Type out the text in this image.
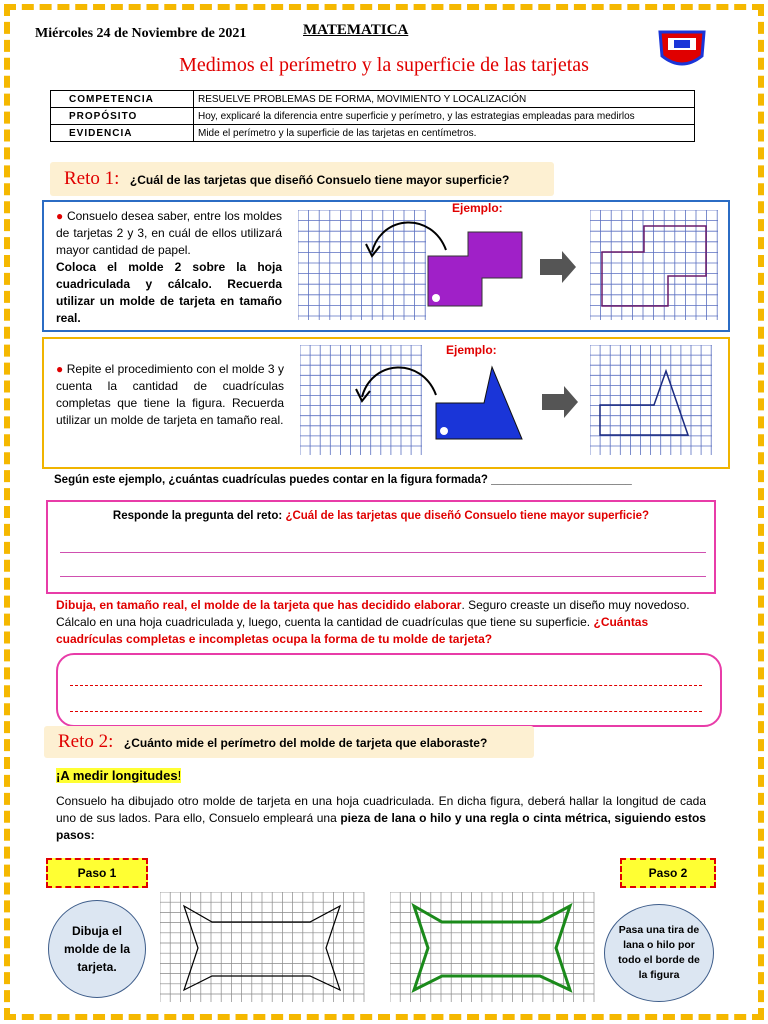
Miércoles 24 de Noviembre de 2021	MATEMATICA
Medimos el perímetro y la superficie de las tarjetas
COMPETENCIA	RESUELVE PROBLEMAS DE FORMA, MOVIMIENTO Y LOCALIZACIÓN
PROPÓSITO	Hoy, explicaré la diferencia entre superficie y perímetro, y las estrategias empleadas para medirlos
EVIDENCIA	Mide el perímetro y la superficie de las tarjetas en centímetros.
Reto 1: ¿Cuál de las tarjetas que diseñó Consuelo tiene mayor superficie?
● Consuelo desea saber, entre los moldes de tarjetas 2 y 3, en cuál de ellos utilizará mayor cantidad de papel.
Coloca el molde 2 sobre la hoja cuadriculada y cálcalo. Recuerda utilizar un molde de tarjeta en tamaño real.
Ejemplo:
● Repite el procedimiento con el molde 3 y cuenta la cantidad de cuadrículas completas que tiene la figura. Recuerda utilizar un molde de tarjeta en tamaño real.
Ejemplo:
Según este ejemplo, ¿cuántas cuadrículas puedes contar en la figura formada? ______________________
Responde la pregunta del reto: ¿Cuál de las tarjetas que diseñó Consuelo tiene mayor superficie?
Dibuja, en tamaño real, el molde de la tarjeta que has decidido elaborar. Seguro creaste un diseño muy novedoso. Cálcalo en una hoja cuadriculada y, luego, cuenta la cantidad de cuadrículas que tiene su superficie. ¿Cuántas cuadrículas completas e incompletas ocupa la forma de tu molde de tarjeta?
Reto 2: ¿Cuánto mide el perímetro del molde de tarjeta que elaboraste?
¡A medir longitudes!
Consuelo ha dibujado otro molde de tarjeta en una hoja cuadriculada. En dicha figura, deberá hallar la longitud de cada uno de sus lados. Para ello, Consuelo empleará una pieza de lana o hilo y una regla o cinta métrica, siguiendo estos pasos:
Paso 1	Paso 2
Dibuja el molde de la tarjeta.
Pasa una tira de lana o hilo por todo el borde de la figura
